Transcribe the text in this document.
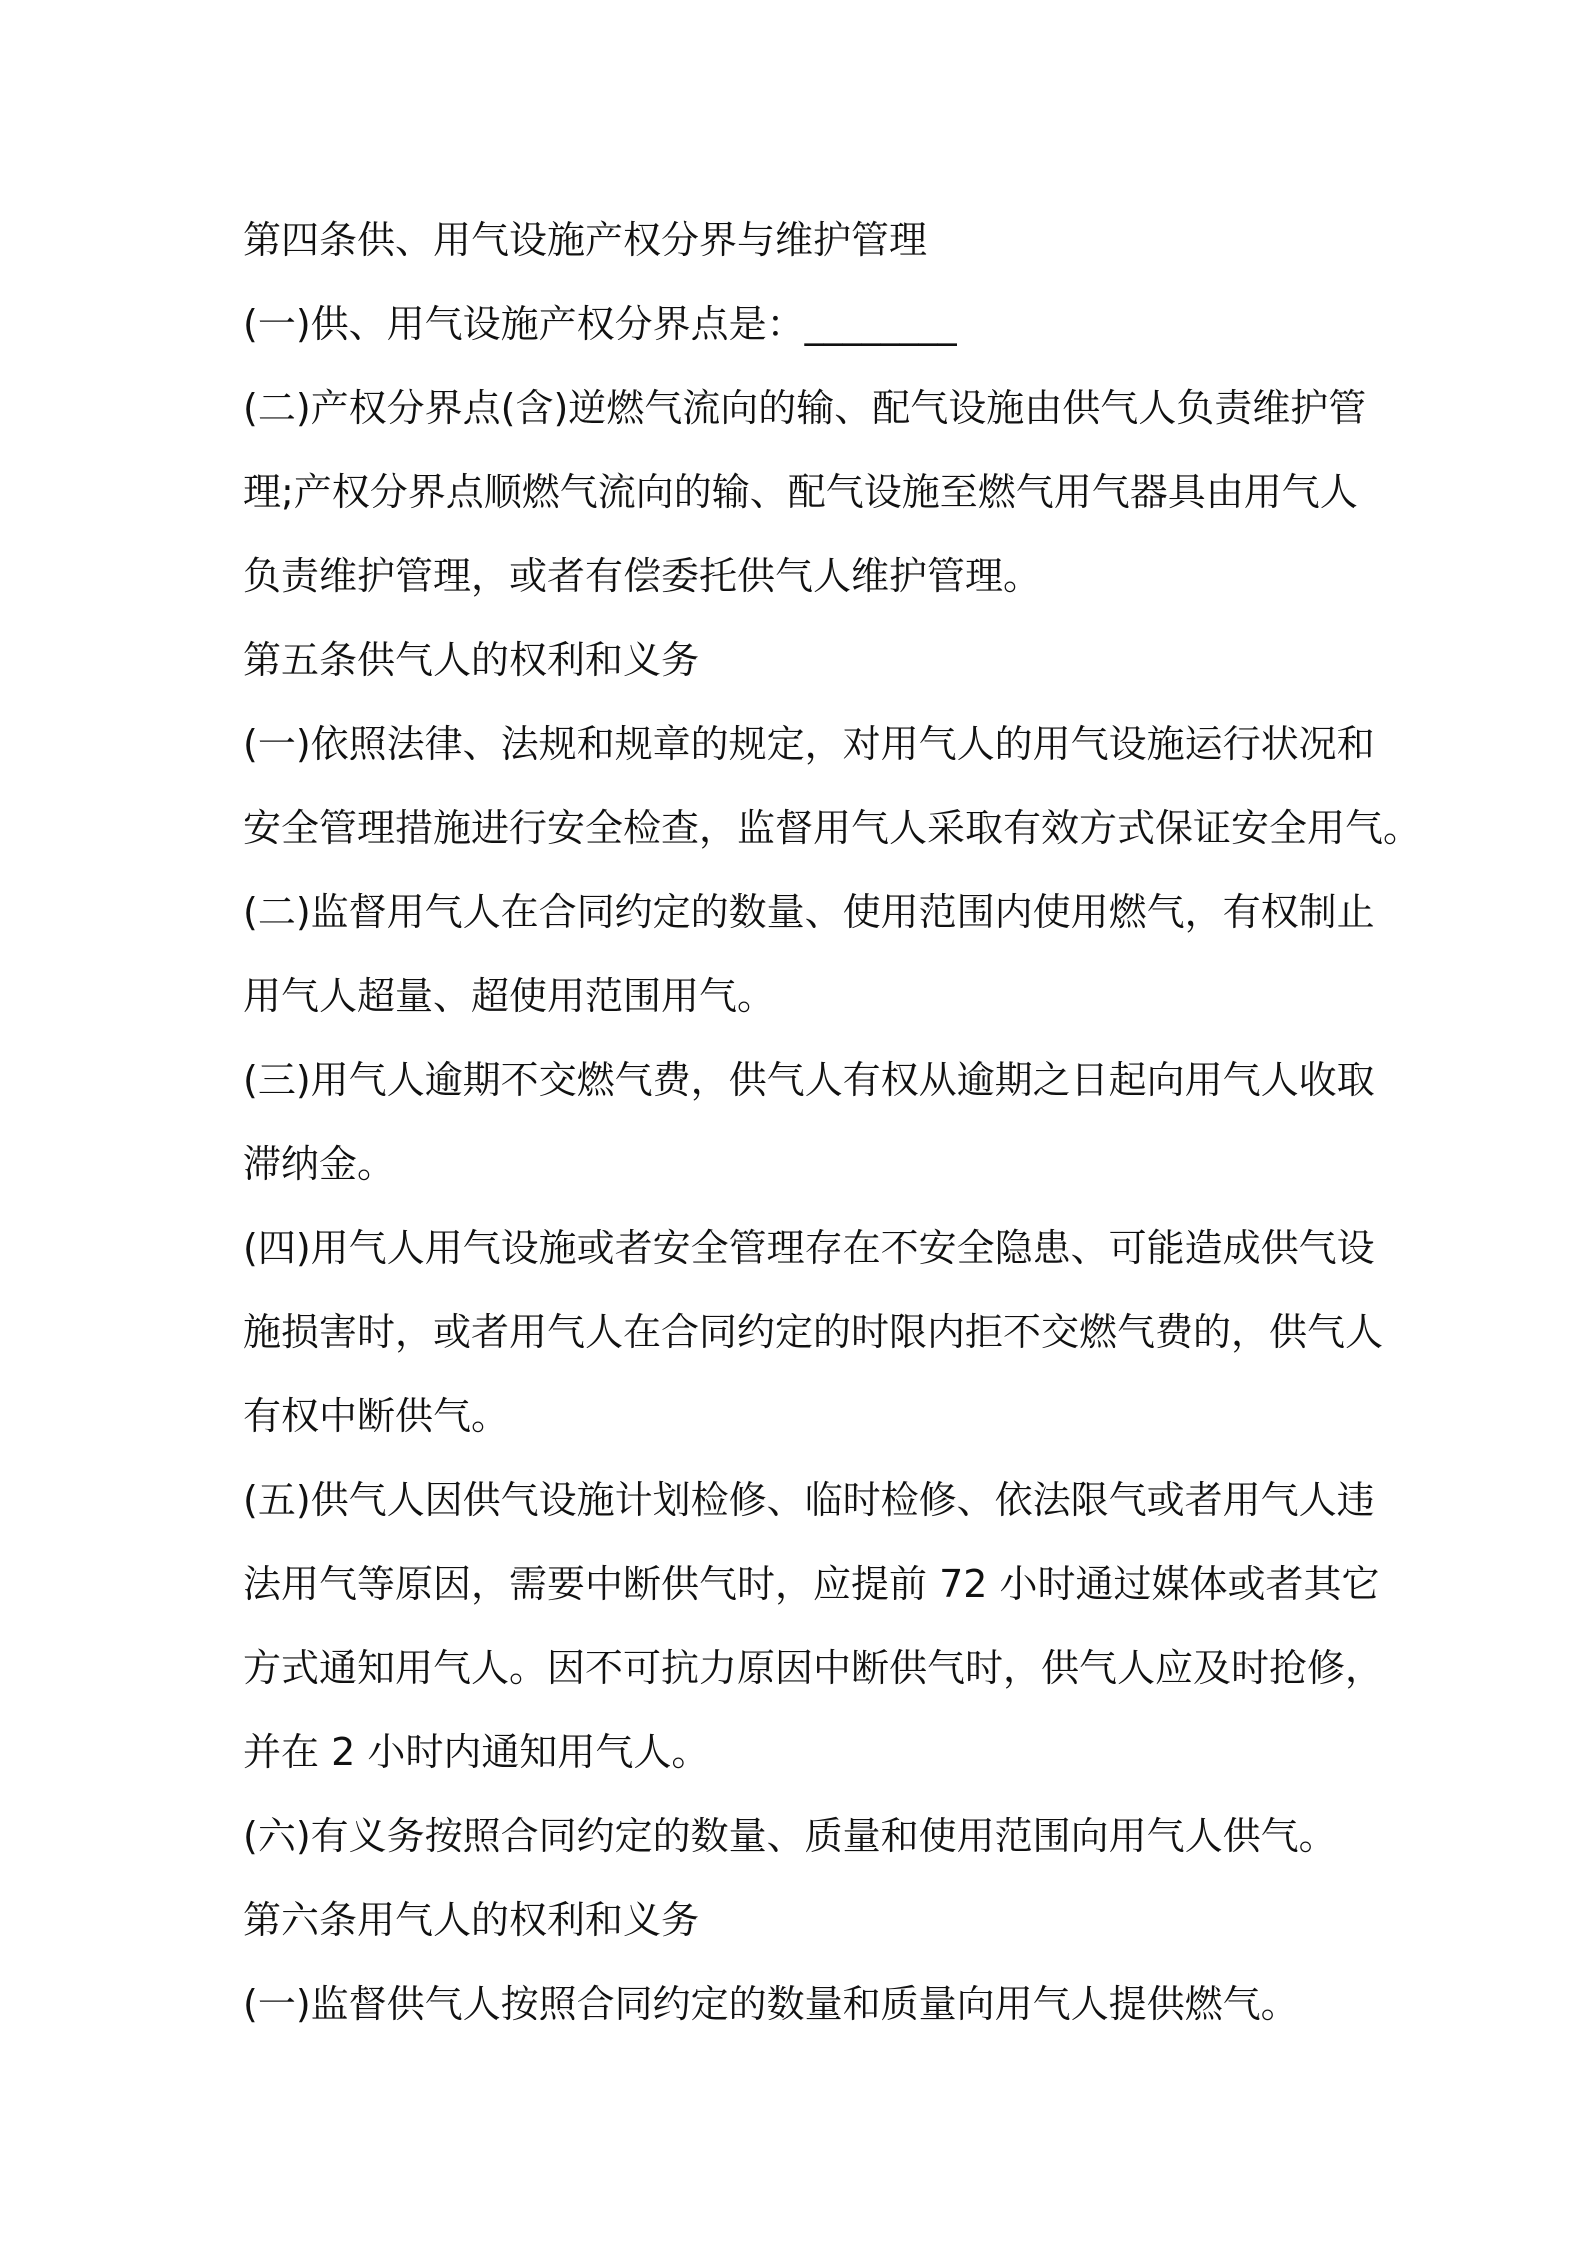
第四条供、用气设施产权分界与维护管理
(一)供、用气设施产权分界点是：________
(二)产权分界点(含)逆燃气流向的输、配气设施由供气人负责维护管
理;产权分界点顺燃气流向的输、配气设施至燃气用气器具由用气人
负责维护管理，或者有偿委托供气人维护管理。
第五条供气人的权利和义务
(一)依照法律、法规和规章的规定，对用气人的用气设施运行状况和
安全管理措施进行安全检查，监督用气人采取有效方式保证安全用气。
(二)监督用气人在合同约定的数量、使用范围内使用燃气，有权制止
用气人超量、超使用范围用气。
(三)用气人逾期不交燃气费，供气人有权从逾期之日起向用气人收取
滞纳金。
(四)用气人用气设施或者安全管理存在不安全隐患、可能造成供气设
施损害时，或者用气人在合同约定的时限内拒不交燃气费的，供气人
有权中断供气。
(五)供气人因供气设施计划检修、临时检修、依法限气或者用气人违
法用气等原因，需要中断供气时，应提前 72 小时通过媒体或者其它
方式通知用气人。因不可抗力原因中断供气时，供气人应及时抢修，
并在 2 小时内通知用气人。
(六)有义务按照合同约定的数量、质量和使用范围向用气人供气。
第六条用气人的权利和义务
(一)监督供气人按照合同约定的数量和质量向用气人提供燃气。
